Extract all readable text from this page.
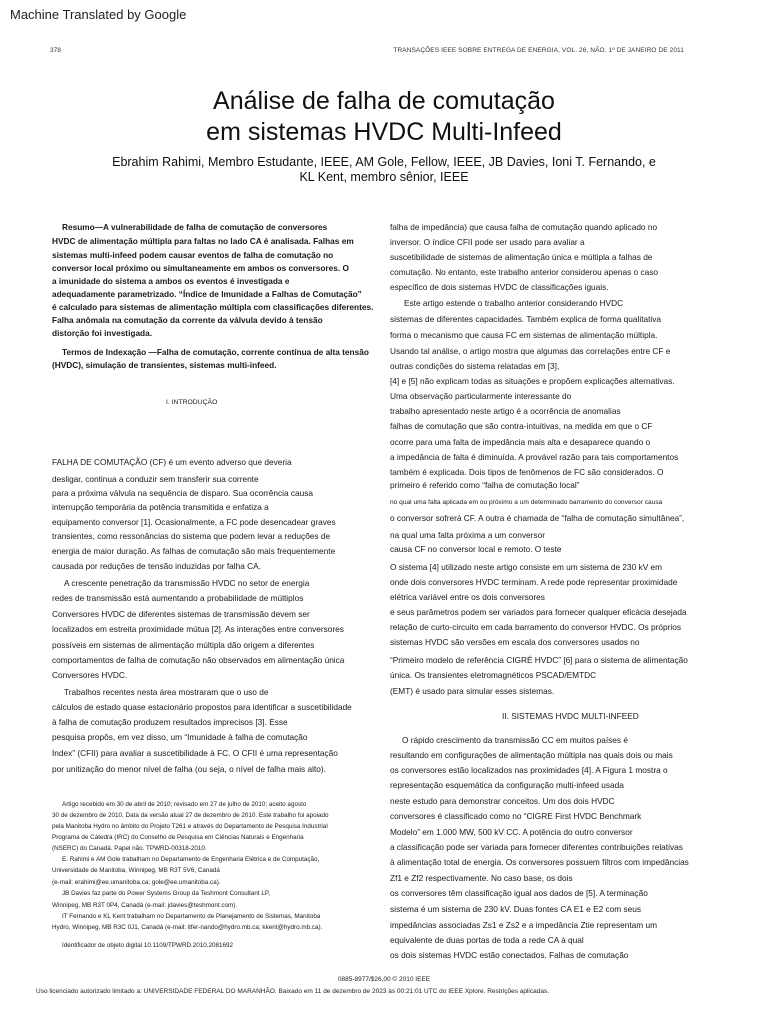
Machine Translated by Google
378	TRANSAÇÕES IEEE SOBRE ENTREGA DE ENERGIA, VOL. 26, NÃO. 1º DE JANEIRO DE 2011
Análise de falha de comutação
em sistemas HVDC Multi-Infeed
Ebrahim Rahimi, Membro Estudante, IEEE, AM Gole, Fellow, IEEE, JB Davies, Ioni T. Fernando, e
KL Kent, membro sênior, IEEE
Resumo—A vulnerabilidade de falha de comutação de conversores
HVDC de alimentação múltipla para faltas no lado CA é analisada. Falhas em
sistemas multi-infeed podem causar eventos de falha de comutação no
conversor local próximo ou simultaneamente em ambos os conversores. O
a imunidade do sistema a ambos os eventos é investigada e
adequadamente parametrizado. “Índice de Imunidade a Falhas de Comutação”
é calculado para sistemas de alimentação múltipla com classificações diferentes.
Falha anômala na comutação da corrente da válvula devido à tensão
distorção foi investigada.
Termos de Indexação —Falha de comutação, corrente contínua de alta tensão
(HVDC), simulação de transientes, sistemas multi-infeed.
I. INTRODUÇÃO
FALHA DE COMUTAÇÃO (CF) é um evento adverso que deveria
desligar, continua a conduzir sem transferir sua corrente
para a próxima válvula na sequência de disparo. Sua ocorrência causa
interrupção temporária da potência transmitida e enfatiza a
equipamento conversor [1]. Ocasionalmente, a FC pode desencadear graves
transientes, como ressonâncias do sistema que podem levar a reduções de
energia de maior duração. As falhas de comutação são mais frequentemente
causada por reduções de tensão induzidas por falha CA.
A crescente penetração da transmissão HVDC no setor de energia
redes de transmissão está aumentando a probabilidade de múltiplos
Conversores HVDC de diferentes sistemas de transmissão devem ser
localizados em estreita proximidade mútua [2]. As interações entre conversores
possíveis em sistemas de alimentação múltipla dão origem a diferentes
comportamentos de falha de comutação não observados em alimentação única
Conversores HVDC.
Trabalhos recentes nesta área mostraram que o uso de
cálculos de estado quase estacionário propostos para identificar a suscetibilidade
à falha de comutação produzem resultados imprecisos [3]. Esse
pesquisa propôs, em vez disso, um “Imunidade à falha de comutação
Index” (CFII) para avaliar a suscetibilidade à FC. O CFII é uma representação
por unitização do menor nível de falha (ou seja, o nível de falha mais alto).
Artigo recebido em 30 de abril de 2010; revisado em 27 de julho de 2010; aceito agosto
30 de dezembro de 2010. Data da versão atual 27 de dezembro de 2010. Este trabalho foi apoiado
pela Manitoba Hydro no âmbito do Projeto T261 e através do Departamento de Pesquisa Industrial
Programa de Cátedra (IRC) do Conselho de Pesquisa em Ciências Naturais e Engenharia
(NSERC) do Canadá. Papel não. TPWRD-00318-2010.
E. Rahimi e AM Gole trabalham no Departamento de Engenharia Elétrica e de Computação,
Universidade de Manitoba, Winnipeg, MB R3T 5V6, Canadá
(e-mail: erahimi@ee.umanitoba.ca; gole@ee.umanitoba.ca).
JB Davies faz parte do Power Systems Group da Teshmont Consultant LP,
Winnipeg, MB R3T 0P4, Canadá (e-mail: jdavies@teshmont.com).
IT Fernando e KL Kent trabalham no Departamento de Planejamento de Sistemas, Manitoba
Hydro, Winnipeg, MB R3C 0J1, Canadá (e-mail: itfer-nando@hydro.mb.ca; kkent@hydro.mb.ca).
Identificador de objeto digital 10.1109/TPWRD.2010.2081692
falha de impedância) que causa falha de comutação quando aplicado no
inversor. O índice CFII pode ser usado para avaliar a
suscetibilidade de sistemas de alimentação única e múltipla a falhas de
comutação. No entanto, este trabalho anterior considerou apenas o caso
específico de dois sistemas HVDC de classificações iguais.
Este artigo estende o trabalho anterior considerando HVDC
sistemas de diferentes capacidades. Também explica de forma qualitativa
forma o mecanismo que causa FC em sistemas de alimentação múltipla.
Usando tal análise, o artigo mostra que algumas das correlações entre CF e
outras condições do sistema relatadas em [3],
[4] e [5] não explicam todas as situações e propõem explicações alternativas.
Uma observação particularmente interessante do
trabalho apresentado neste artigo é a ocorrência de anomalias
falhas de comutação que são contra-intuitivas, na medida em que o CF
ocorre para uma falta de impedância mais alta e desaparece quando o
a impedância de falta é diminuída. A provável razão para tais comportamentos
também é explicada. Dois tipos de fenômenos de FC são considerados. O
primeiro é referido como “falha de comutação local”
no qual uma falta aplicada em ou próximo a um determinado barramento do conversor causa
o conversor sofrerá CF. A outra é chamada de “falha de comutação simultânea”,
na qual uma falta próxima a um conversor
causa CF no conversor local e remoto. O teste
O sistema [4] utilizado neste artigo consiste em um sistema de 230 kV em
onde dois conversores HVDC terminam. A rede pode representar proximidade
elétrica variável entre os dois conversores
e seus parâmetros podem ser variados para fornecer qualquer eficácia desejada
relação de curto-circuito em cada barramento do conversor HVDC. Os próprios
sistemas HVDC são versões em escala dos conversores usados no
“Primeiro modelo de referência CIGRÉ HVDC” [6] para o sistema de alimentação
única. Os transientes eletromagnéticos PSCAD/EMTDC
(EMT) é usado para simular esses sistemas.
II. SISTEMAS HVDC MULTI-INFEED
O rápido crescimento da transmissão CC em muitos países é
resultando em configurações de alimentação múltipla nas quais dois ou mais
os conversores estão localizados nas proximidades [4]. A Figura 1 mostra o
representação esquemática da configuração multi-infeed usada
neste estudo para demonstrar conceitos. Um dos dois HVDC
conversores é classificado como no “CIGRE First HVDC Benchmark
Modelo” em 1.000 MW, 500 kV CC. A potência do outro conversor
a classificação pode ser variada para fornecer diferentes contribuições relativas
à alimentação total de energia. Os conversores possuem filtros com impedâncias
Zf1 e Zf2 respectivamente. No caso base, os dois
os conversores têm classificação igual aos dados de [5]. A terminação
sistema é um sistema de 230 kV. Duas fontes CA E1 e E2 com seus
impedâncias associadas Zs1 e Zs2 e a impedância Ztie representam um
equivalente de duas portas de toda a rede CA à qual
os dois sistemas HVDC estão conectados. Falhas de comutação
0885-8977/$26,00 © 2010 IEEE
Uso licenciado autorizado limitado a: UNIVERSIDADE FEDERAL DO MARANHÃO. Baixado em 11 de dezembro de 2023 às 00:21:01 UTC do IEEE Xplore. Restrições aplicadas.
